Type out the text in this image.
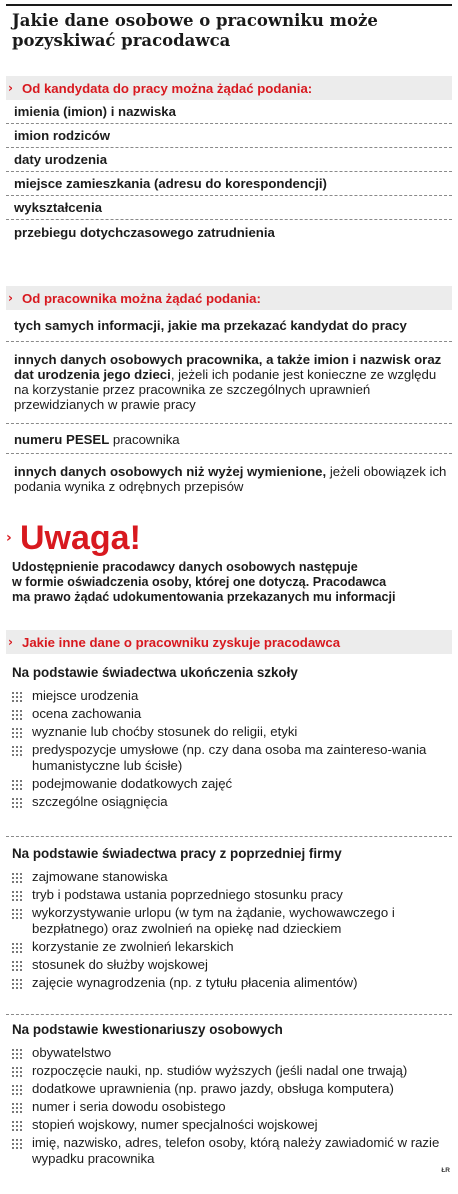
Jakie dane osobowe o pracowniku może pozyskiwać pracodawca
› Od kandydata do pracy można żądać podania:
imienia (imion) i nazwiska
imion rodziców
daty urodzenia
miejsce zamieszkania (adresu do korespondencji)
wykształcenia
przebiegu dotychczasowego zatrudnienia
› Od pracownika można żądać podania:
tych samych informacji, jakie ma przekazać kandydat do pracy
innych danych osobowych pracownika, a także imion i nazwisk oraz dat urodzenia jego dzieci, jeżeli ich podanie jest konieczne ze względu na korzystanie przez pracownika ze szczególnych uprawnień przewidzianych w prawie pracy
numeru PESEL pracownika
innych danych osobowych niż wyżej wymienione, jeżeli obowiązek ich podania wynika z odrębnych przepisów
› Uwaga!

Udostępnienie pracodawcy danych osobowych następuje
w formie oświadczenia osoby, której one dotyczą. Pracodawca
ma prawo żądać udokumentowania przekazanych mu informacji

› Jakie inne dane o pracowniku zyskuje pracodawca
Na podstawie świadectwa ukończenia szkoły
miejsce urodzenia
ocena zachowania
wyznanie lub choćby stosunek do religii, etyki
predyspozycje umysłowe (np. czy dana osoba ma zaintereso-wania humanistyczne lub ścisłe)
podejmowanie dodatkowych zajęć
szczególne osiągnięcia
Na podstawie świadectwa pracy z poprzedniej firmy
zajmowane stanowiska
tryb i podstawa ustania poprzedniego stosunku pracy
wykorzystywanie urlopu (w tym na żądanie, wychowawczego i bezpłatnego) oraz zwolnień na opiekę nad dzieckiem
korzystanie ze zwolnień lekarskich
stosunek do służby wojskowej
zajęcie wynagrodzenia (np. z tytułu płacenia alimentów)
Na podstawie kwestionariuszy osobowych
obywatelstwo
rozpoczęcie nauki, np. studiów wyższych (jeśli nadal one trwają)
dodatkowe uprawnienia (np. prawo jazdy, obsługa komputera)
numer i seria dowodu osobistego
stopień wojskowy, numer specjalności wojskowej
imię, nazwisko, adres, telefon osoby, którą należy zawiadomić w razie wypadku pracownika
ŁR
